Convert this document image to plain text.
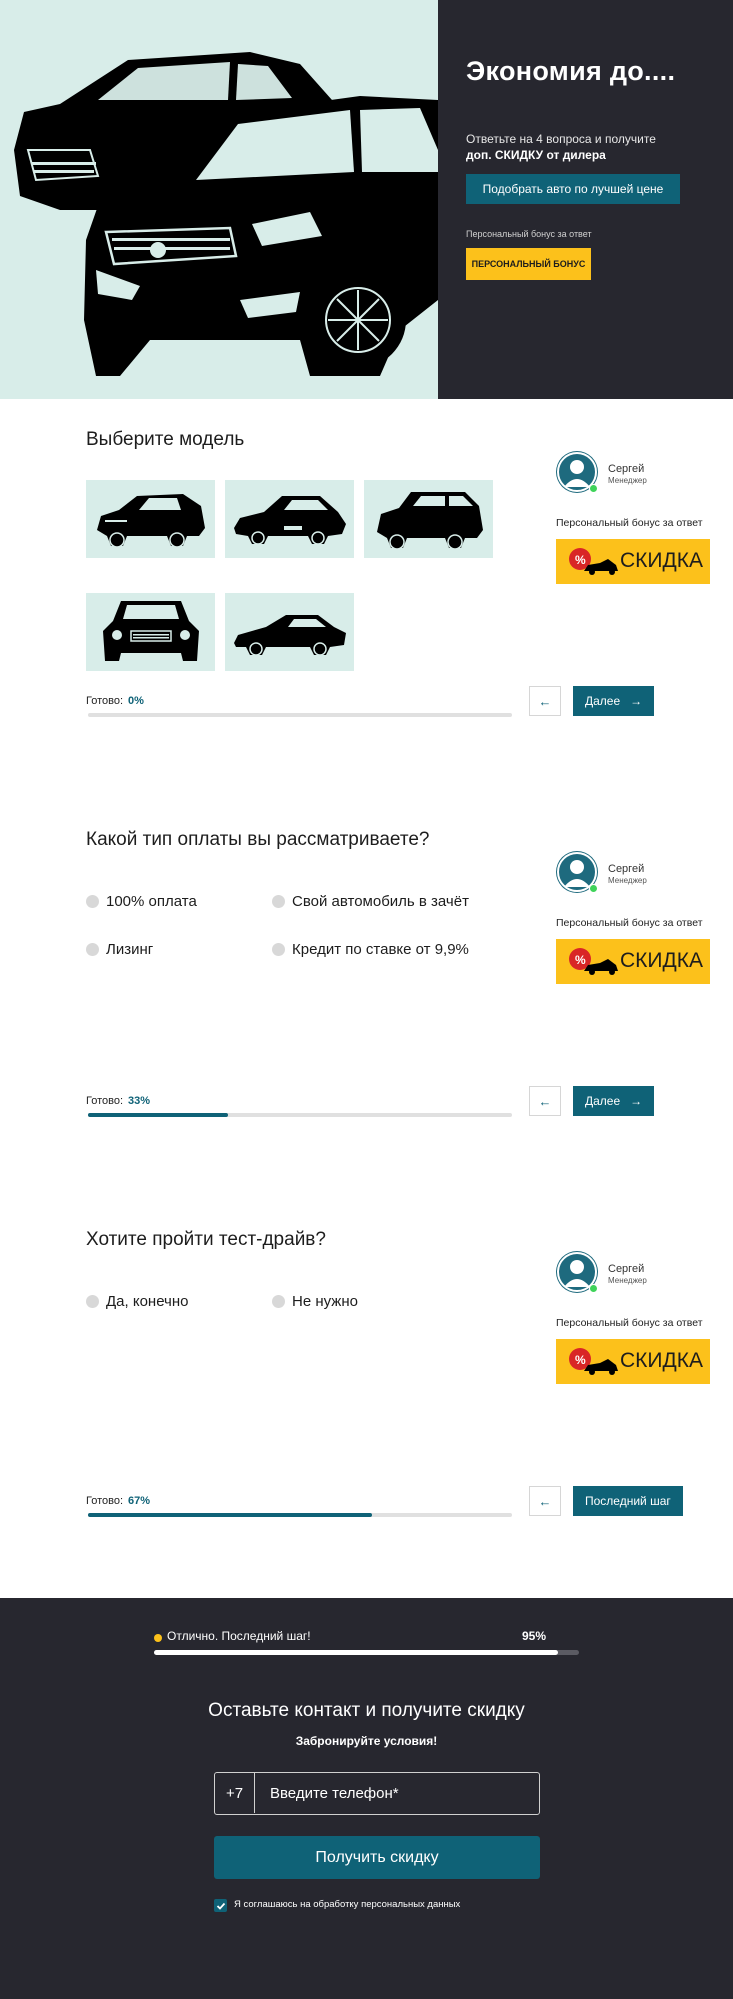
Экономия до....
Ответьте на 4 вопроса и получите
доп. СКИДКУ от дилера
Подобрать авто по лучшей цене
Персональный бонус за ответ
ПЕРСОНАЛЬНЫЙ БОНУС
Выберите модель
Сергей
Менеджер
Персональный бонус за ответ
% СКИДКА
Готово: 0%	←	Далее →
Какой тип оплаты вы рассматриваете?
100% оплата	Свой автомобиль в зачёт
Лизинг	Кредит по ставке от 9,9%
Сергей
Менеджер
Персональный бонус за ответ
% СКИДКА
Готово: 33%	←	Далее →
Хотите пройти тест-драйв?
Да, конечно	Не нужно
Сергей
Менеджер
Персональный бонус за ответ
% СКИДКА
Готово: 67%	←	Последний шаг
Отлично. Последний шаг!	95%
Оставьте контакт и получите скидку
Забронируйте условия!
+7
Введите телефон*
Получить скидку
Я соглашаюсь на обработку персональных данных
